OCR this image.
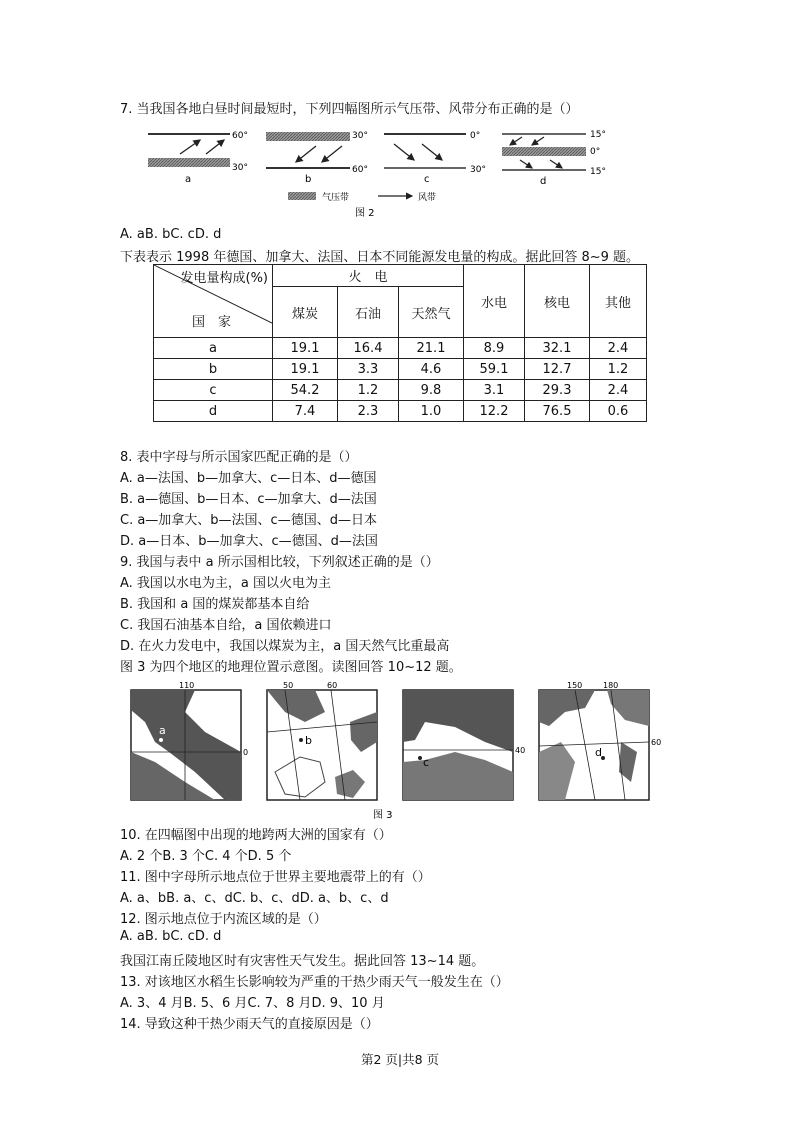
7. 当我国各地白昼时间最短时，下列四幅图所示气压带、风带分布正确的是（）
60°
30°
a
30°
60°
b
0°
30°
c
15°
0°
15°
d
气压带	风带
图 2
A. aB. bC. cD. d
下表表示 1998 年德国、加拿大、法国、日本不同能源发电量的构成。据此回答 8~9 题。
发电量构成(%)
国　家	火　电			水电	核电	其他
	煤炭	石油	天然气			
a	19.1	16.4	21.1	8.9	32.1	2.4
b	19.1	3.3	4.6	59.1	12.7	1.2
c	54.2	1.2	9.8	3.1	29.3	2.4
d	7.4	2.3	1.0	12.2	76.5	0.6
8. 表中字母与所示国家匹配正确的是（）
A. a—法国、b—加拿大、c—日本、d—德国
B. a—德国、b—日本、c—加拿大、d—法国
C. a—加拿大、b—法国、c—德国、d—日本
D. a—日本、b—加拿大、c—德国、d—法国
9. 我国与表中 a 所示国相比较，下列叙述正确的是（）
A. 我国以水电为主，a 国以火电为主
B. 我国和 a 国的煤炭都基本自给
C. 我国石油基本自给，a 国依赖进口
D. 在火力发电中，我国以煤炭为主，a 国天然气比重最高
图 3 为四个地区的地理位置示意图。读图回答 10~12 题。
110
0
a
50	60
b
40
c
150	180
60
d
图 3
10. 在四幅图中出现的地跨两大洲的国家有（）
A. 2 个B. 3 个C. 4 个D. 5 个
11. 图中字母所示地点位于世界主要地震带上的有（）
A. a、bB. a、c、dC. b、c、dD. a、b、c、d
12. 图示地点位于内流区域的是（）
A. aB. bC. cD. d
我国江南丘陵地区时有灾害性天气发生。据此回答 13~14 题。
13. 对该地区水稻生长影响较为严重的干热少雨天气一般发生在（）
A. 3、4 月B. 5、6 月C. 7、8 月D. 9、10 月
14. 导致这种干热少雨天气的直接原因是（）
第2 页|共8 页
